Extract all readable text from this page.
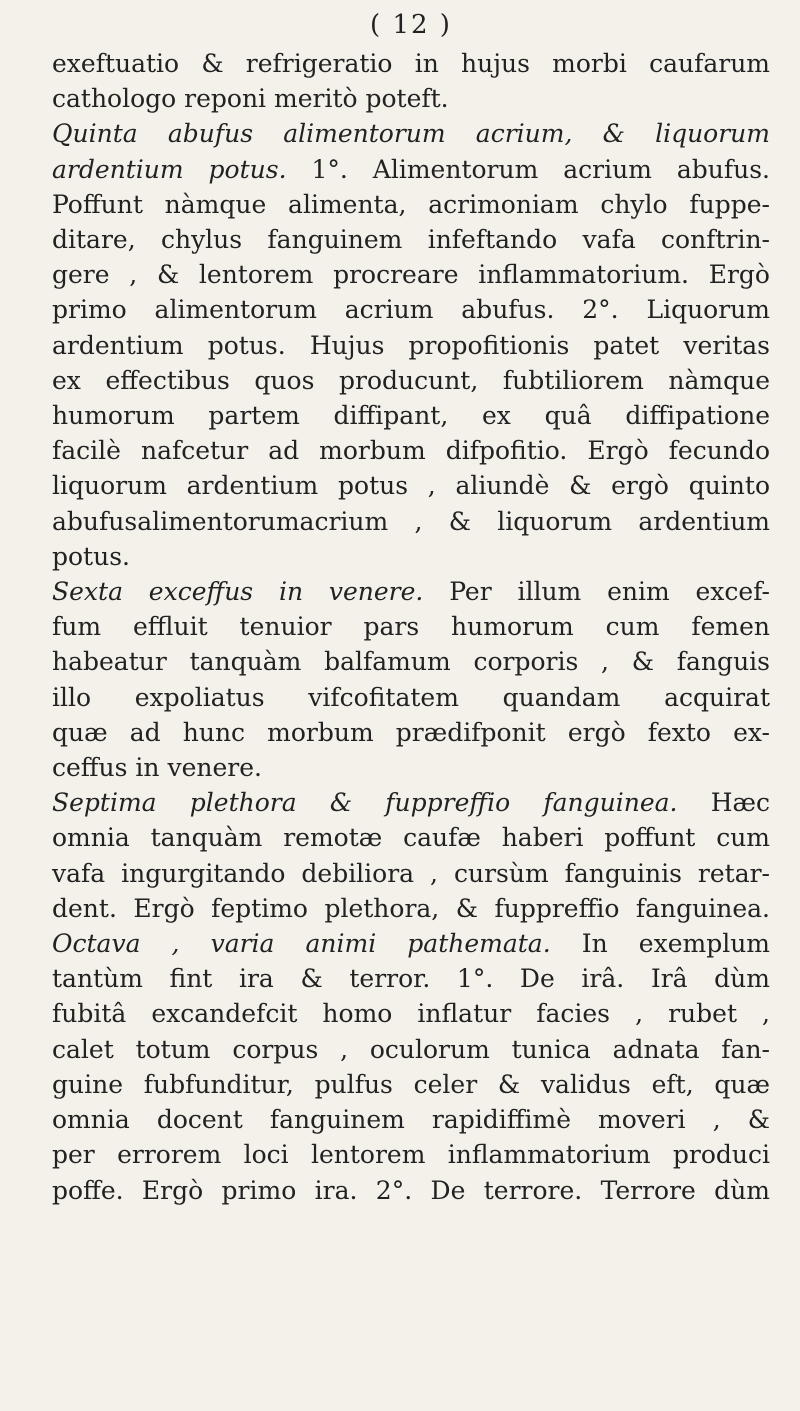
( 12 )
exeftuatio & refrigeratio in hujus morbi caufarum
cathologo reponi meritò poteft.
Quinta abufus alimentorum acrium, & liquorum
ardentium potus. 1°. Alimentorum acrium abufus.
Poffunt nàmque alimenta, acrimoniam chylo fuppe-
ditare, chylus fanguinem infeftando vafa conftrin-
gere , & lentorem procreare inflammatorium. Ergò
primo alimentorum acrium abufus. 2°. Liquorum
ardentium potus. Hujus propofitionis patet veritas
ex effectibus quos producunt, fubtiliorem nàmque
humorum partem diffipant, ex quâ diffipatione
facilè nafcetur ad morbum difpofitio. Ergò fecundo
liquorum ardentium potus , aliundè & ergò quinto
abufusalimentorumacrium , & liquorum ardentium
potus.
Sexta exceffus in venere. Per illum enim excef-
fum effluit tenuior pars humorum cum femen
habeatur tanquàm balfamum corporis , & fanguis
illo expoliatus vifcofitatem quandam acquirat
quæ ad hunc morbum prædifponit ergò fexto ex-
ceffus in venere.
Septima plethora & fuppreffio fanguinea. Hæc
omnia tanquàm remotæ caufæ haberi poffunt cum
vafa ingurgitando debiliora , cursùm fanguinis retar-
dent. Ergò feptimo plethora, & fuppreffio fanguinea.
Octava , varia animi pathemata. In exemplum
tantùm fint ira & terror. 1°. De irâ. Irâ dùm
fubitâ excandefcit homo inflatur facies , rubet ,
calet totum corpus , oculorum tunica adnata fan-
guine fubfunditur, pulfus celer & validus eft, quæ
omnia docent fanguinem rapidiffimè moveri , &
per errorem loci lentorem inflammatorium produci
poffe. Ergò primo ira. 2°. De terrore. Terrore dùm
